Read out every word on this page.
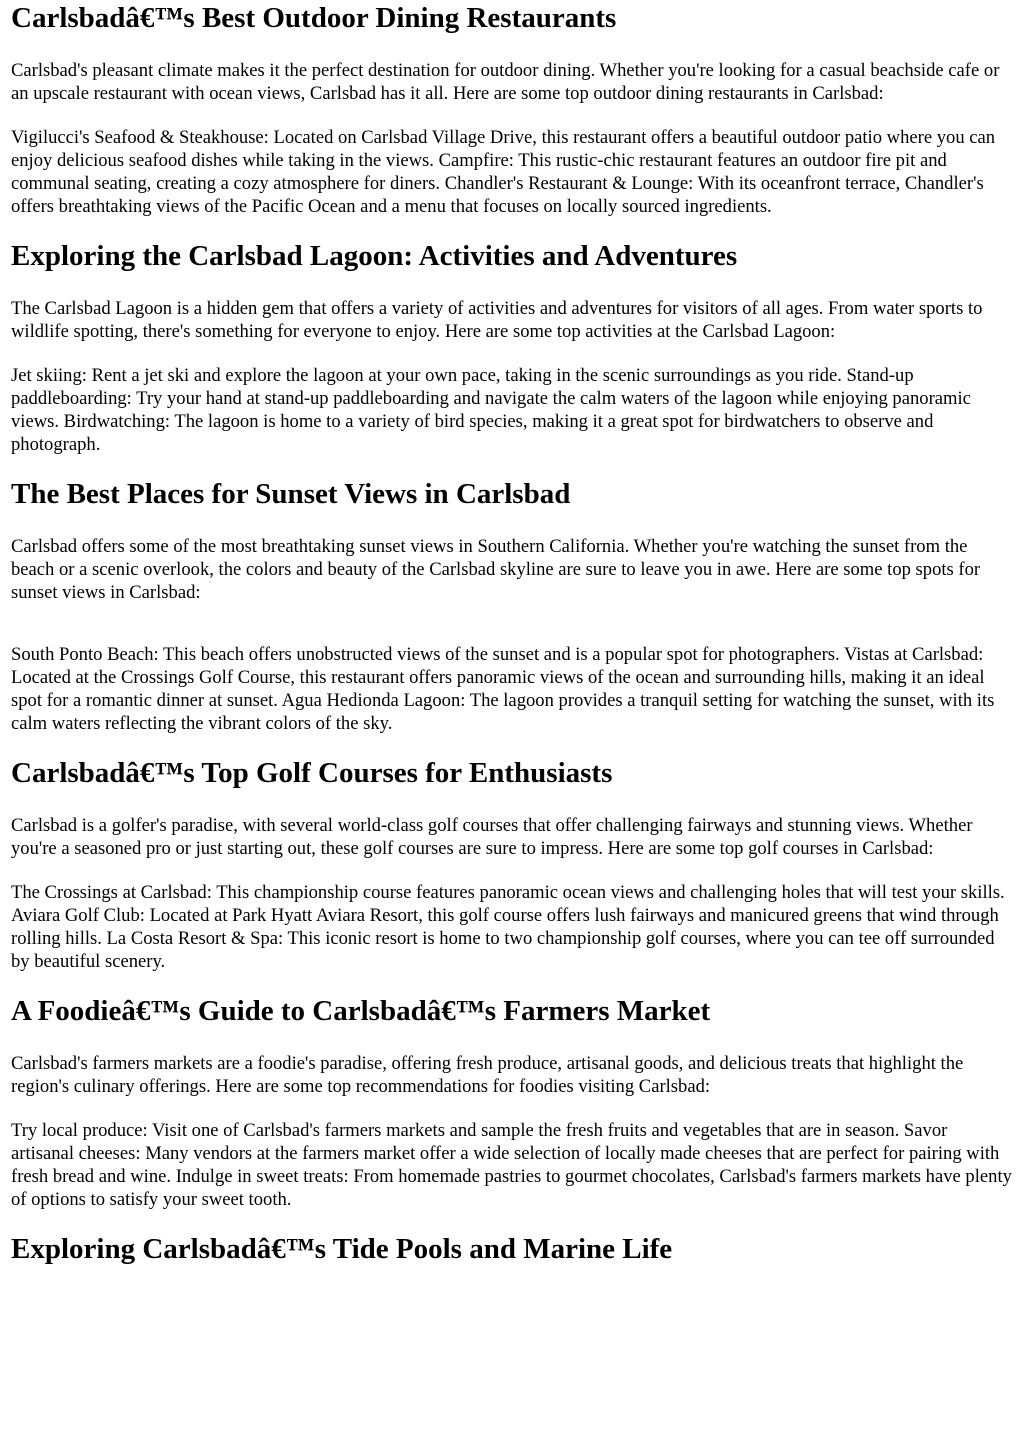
Carlsbadâ€™s Best Outdoor Dining Restaurants

Carlsbad's pleasant climate makes it the perfect destination for outdoor dining. Whether you're looking for a casual beachside cafe or an upscale restaurant with ocean views, Carlsbad has it all. Here are some top outdoor dining restaurants in Carlsbad:

Vigilucci's Seafood & Steakhouse: Located on Carlsbad Village Drive, this restaurant offers a beautiful outdoor patio where you can enjoy delicious seafood dishes while taking in the views. Campfire: This rustic-chic restaurant features an outdoor fire pit and communal seating, creating a cozy atmosphere for diners. Chandler's Restaurant & Lounge: With its oceanfront terrace, Chandler's offers breathtaking views of the Pacific Ocean and a menu that focuses on locally sourced ingredients.

Exploring the Carlsbad Lagoon: Activities and Adventures

The Carlsbad Lagoon is a hidden gem that offers a variety of activities and adventures for visitors of all ages. From water sports to wildlife spotting, there's something for everyone to enjoy. Here are some top activities at the Carlsbad Lagoon:

Jet skiing: Rent a jet ski and explore the lagoon at your own pace, taking in the scenic surroundings as you ride. Stand-up paddleboarding: Try your hand at stand-up paddleboarding and navigate the calm waters of the lagoon while enjoying panoramic views. Birdwatching: The lagoon is home to a variety of bird species, making it a great spot for birdwatchers to observe and photograph.

The Best Places for Sunset Views in Carlsbad

Carlsbad offers some of the most breathtaking sunset views in Southern California. Whether you're watching the sunset from the beach or a scenic overlook, the colors and beauty of the Carlsbad skyline are sure to leave you in awe. Here are some top spots for sunset views in Carlsbad:

South Ponto Beach: This beach offers unobstructed views of the sunset and is a popular spot for photographers. Vistas at Carlsbad: Located at the Crossings Golf Course, this restaurant offers panoramic views of the ocean and surrounding hills, making it an ideal spot for a romantic dinner at sunset. Agua Hedionda Lagoon: The lagoon provides a tranquil setting for watching the sunset, with its calm waters reflecting the vibrant colors of the sky.

Carlsbadâ€™s Top Golf Courses for Enthusiasts

Carlsbad is a golfer's paradise, with several world-class golf courses that offer challenging fairways and stunning views. Whether you're a seasoned pro or just starting out, these golf courses are sure to impress. Here are some top golf courses in Carlsbad:

The Crossings at Carlsbad: This championship course features panoramic ocean views and challenging holes that will test your skills. Aviara Golf Club: Located at Park Hyatt Aviara Resort, this golf course offers lush fairways and manicured greens that wind through rolling hills. La Costa Resort & Spa: This iconic resort is home to two championship golf courses, where you can tee off surrounded by beautiful scenery.

A Foodieâ€™s Guide to Carlsbadâ€™s Farmers Market

Carlsbad's farmers markets are a foodie's paradise, offering fresh produce, artisanal goods, and delicious treats that highlight the region's culinary offerings. Here are some top recommendations for foodies visiting Carlsbad:

Try local produce: Visit one of Carlsbad's farmers markets and sample the fresh fruits and vegetables that are in season. Savor artisanal cheeses: Many vendors at the farmers market offer a wide selection of locally made cheeses that are perfect for pairing with fresh bread and wine. Indulge in sweet treats: From homemade pastries to gourmet chocolates, Carlsbad's farmers markets have plenty of options to satisfy your sweet tooth.

Exploring Carlsbadâ€™s Tide Pools and Marine Life
